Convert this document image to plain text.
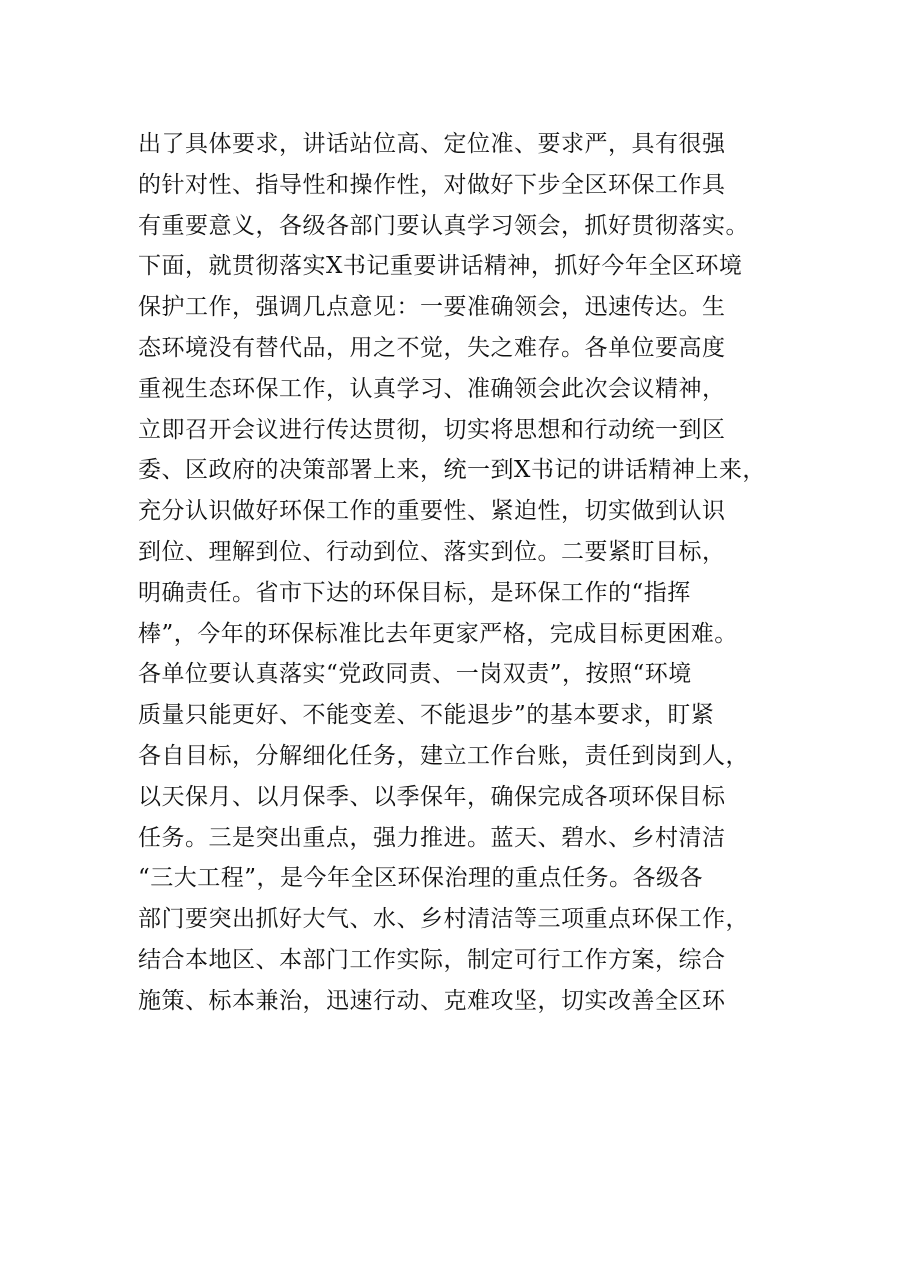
出了具体要求，讲话站位高、定位准、要求严，具有很强
的针对性、指导性和操作性，对做好下步全区环保工作具
有重要意义，各级各部门要认真学习领会，抓好贯彻落实。
下面，就贯彻落实X书记重要讲话精神，抓好今年全区环境
保护工作，强调几点意见：一要准确领会，迅速传达。生
态环境没有替代品，用之不觉，失之难存。各单位要高度
重视生态环保工作，认真学习、准确领会此次会议精神，
立即召开会议进行传达贯彻，切实将思想和行动统一到区
委、区政府的决策部署上来，统一到X书记的讲话精神上来，
充分认识做好环保工作的重要性、紧迫性，切实做到认识
到位、理解到位、行动到位、落实到位。二要紧盯目标，
明确责任。省市下达的环保目标，是环保工作的“指挥
棒”，今年的环保标准比去年更家严格，完成目标更困难。
各单位要认真落实“党政同责、一岗双责”，按照“环境
质量只能更好、不能变差、不能退步”的基本要求，盯紧
各自目标，分解细化任务，建立工作台账，责任到岗到人，
以天保月、以月保季、以季保年，确保完成各项环保目标
任务。三是突出重点，强力推进。蓝天、碧水、乡村清洁
“三大工程”，是今年全区环保治理的重点任务。各级各
部门要突出抓好大气、水、乡村清洁等三项重点环保工作，
结合本地区、本部门工作实际，制定可行工作方案，综合
施策、标本兼治，迅速行动、克难攻坚，切实改善全区环
